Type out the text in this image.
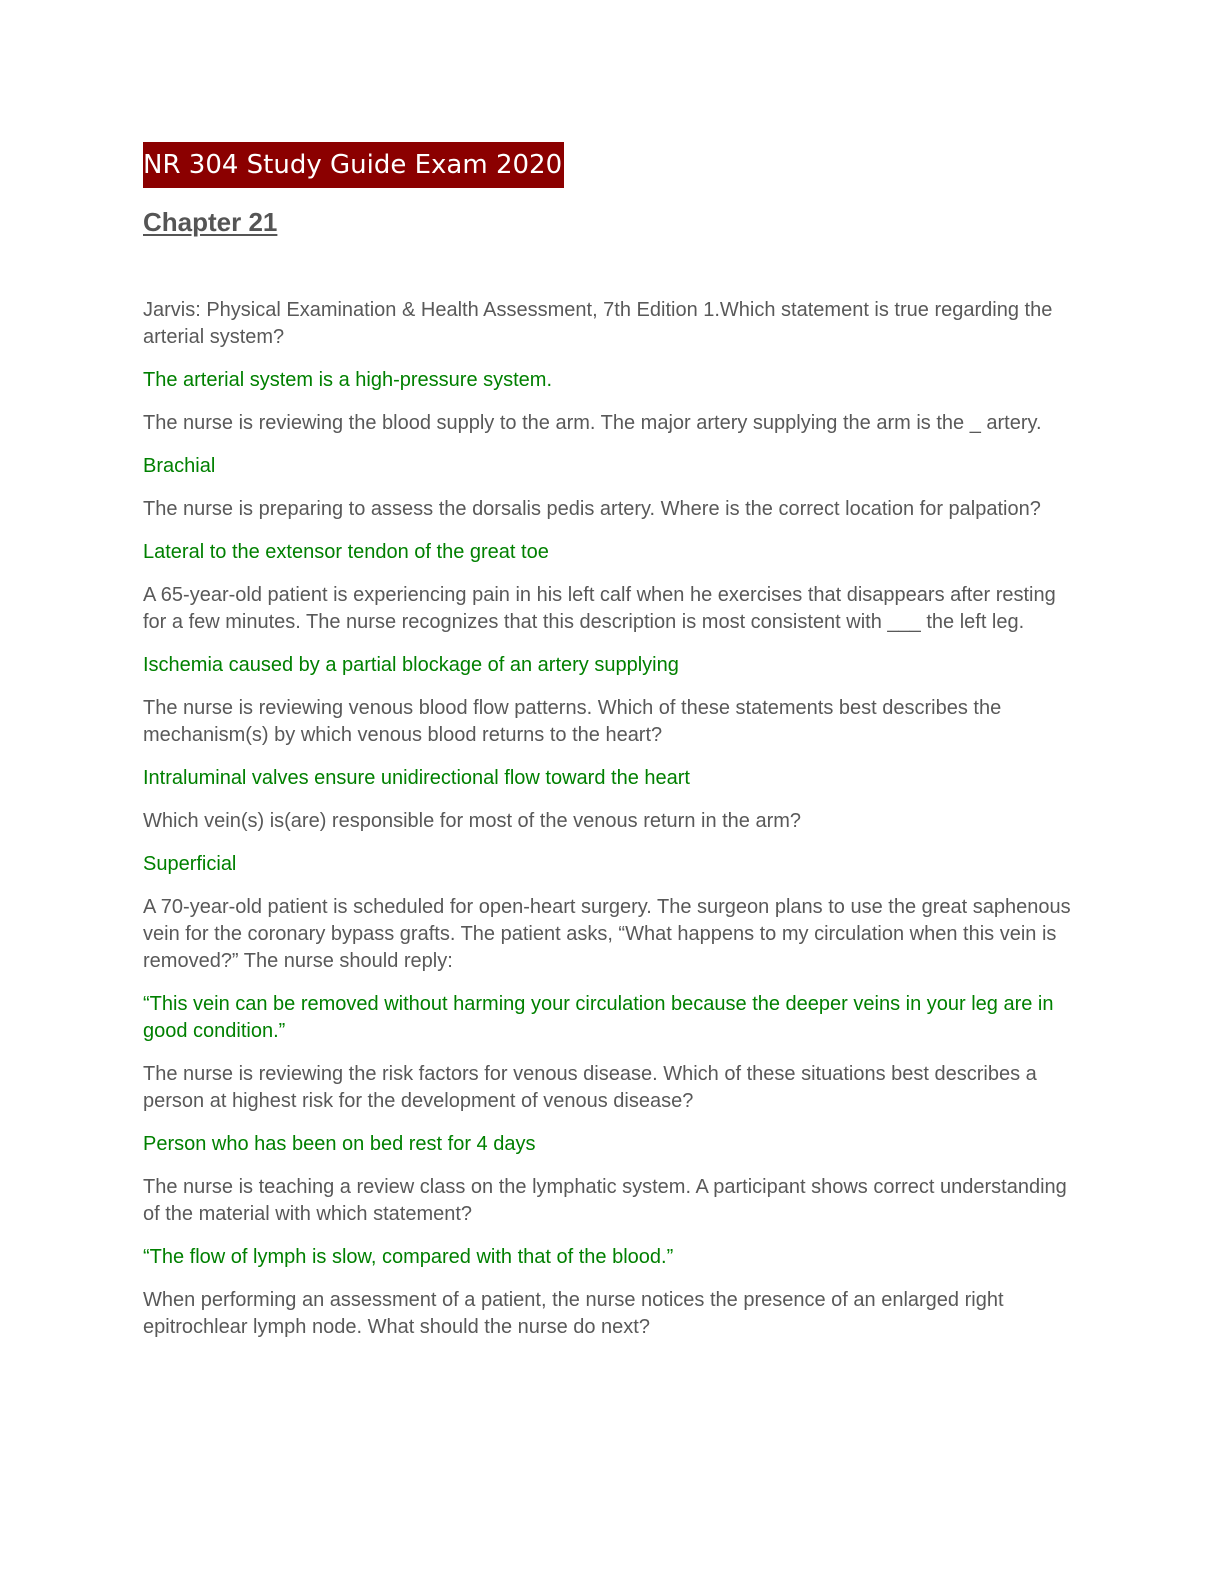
NR 304 Study Guide Exam 2020
Chapter 21

Jarvis: Physical Examination & Health Assessment, 7th Edition 1.Which statement is true regarding the arterial system?

The arterial system is a high-pressure system.

The nurse is reviewing the blood supply to the arm. The major artery supplying the arm is the _ artery.

Brachial

The nurse is preparing to assess the dorsalis pedis artery. Where is the correct location for palpation?

Lateral to the extensor tendon of the great toe

A 65-year-old patient is experiencing pain in his left calf when he exercises that disappears after resting for a few minutes. The nurse recognizes that this description is most consistent with ___ the left leg.

Ischemia caused by a partial blockage of an artery supplying

The nurse is reviewing venous blood flow patterns. Which of these statements best describes the mechanism(s) by which venous blood returns to the heart?

Intraluminal valves ensure unidirectional flow toward the heart

Which vein(s) is(are) responsible for most of the venous return in the arm?

Superficial

A 70-year-old patient is scheduled for open-heart surgery. The surgeon plans to use the great saphenous vein for the coronary bypass grafts. The patient asks, “What happens to my circulation when this vein is removed?” The nurse should reply:

“This vein can be removed without harming your circulation because the deeper veins in your leg are in good condition.”

The nurse is reviewing the risk factors for venous disease. Which of these situations best describes a person at highest risk for the development of venous disease?

Person who has been on bed rest for 4 days

The nurse is teaching a review class on the lymphatic system. A participant shows correct understanding of the material with which statement?

“The flow of lymph is slow, compared with that of the blood.”

When performing an assessment of a patient, the nurse notices the presence of an enlarged right epitrochlear lymph node. What should the nurse do next?
